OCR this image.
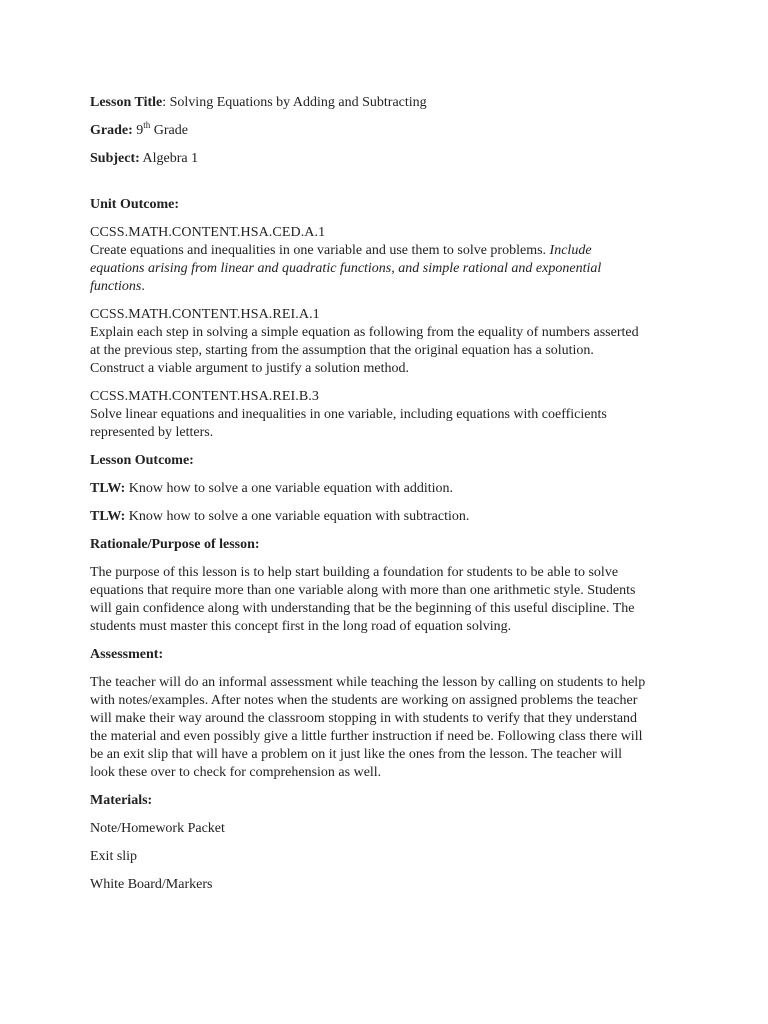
Lesson Title: Solving Equations by Adding and Subtracting
Grade: 9th Grade
Subject: Algebra 1
Unit Outcome:
CCSS.MATH.CONTENT.HSA.CED.A.1
Create equations and inequalities in one variable and use them to solve problems. Include equations arising from linear and quadratic functions, and simple rational and exponential functions.
CCSS.MATH.CONTENT.HSA.REI.A.1
Explain each step in solving a simple equation as following from the equality of numbers asserted at the previous step, starting from the assumption that the original equation has a solution. Construct a viable argument to justify a solution method.
CCSS.MATH.CONTENT.HSA.REI.B.3
Solve linear equations and inequalities in one variable, including equations with coefficients represented by letters.
Lesson Outcome:
TLW: Know how to solve a one variable equation with addition.
TLW: Know how to solve a one variable equation with subtraction.
Rationale/Purpose of lesson:
The purpose of this lesson is to help start building a foundation for students to be able to solve equations that require more than one variable along with more than one arithmetic style. Students will gain confidence along with understanding that be the beginning of this useful discipline. The students must master this concept first in the long road of equation solving.
Assessment:
The teacher will do an informal assessment while teaching the lesson by calling on students to help with notes/examples. After notes when the students are working on assigned problems the teacher will make their way around the classroom stopping in with students to verify that they understand the material and even possibly give a little further instruction if need be. Following class there will be an exit slip that will have a problem on it just like the ones from the lesson. The teacher will look these over to check for comprehension as well.
Materials:
Note/Homework Packet
Exit slip
White Board/Markers
